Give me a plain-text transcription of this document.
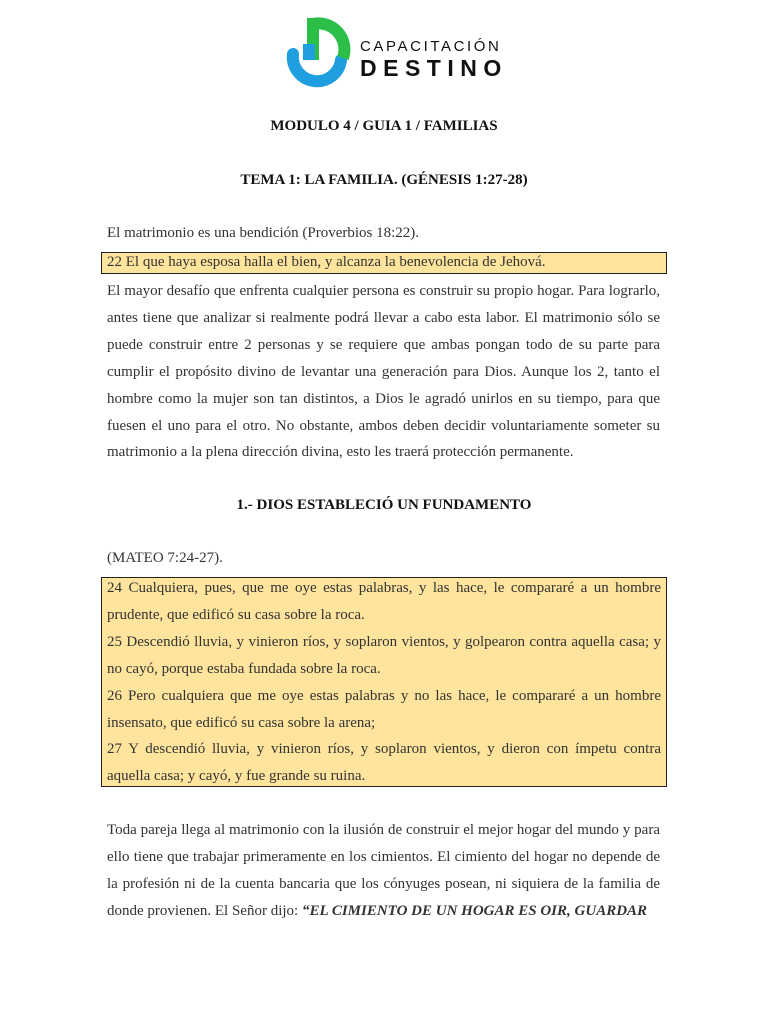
CAPACITACIÓN
DESTINO

MODULO 4 / GUIA 1 / FAMILIAS

TEMA 1: LA FAMILIA. (GÉNESIS 1:27-28)

El matrimonio es una bendición (Proverbios 18:22).

22 El que haya esposa halla el bien, y alcanza la benevolencia de Jehová.

El mayor desafío que enfrenta cualquier persona es construir su propio hogar. Para lograrlo, antes tiene que analizar si realmente podrá llevar a cabo esta labor. El matrimonio sólo se puede construir entre 2 personas y se requiere que ambas pongan todo de su parte para cumplir el propósito divino de levantar una generación para Dios. Aunque los 2, tanto el hombre como la mujer son tan distintos, a Dios le agradó unirlos en su tiempo, para que fuesen el uno para el otro. No obstante, ambos deben decidir voluntariamente someter su matrimonio a la plena dirección divina, esto les traerá protección permanente.

1.- DIOS ESTABLECIÓ UN FUNDAMENTO

(MATEO 7:24-27).

24 Cualquiera, pues, que me oye estas palabras, y las hace, le compararé a un hombre prudente, que edificó su casa sobre la roca.

25 Descendió lluvia, y vinieron ríos, y soplaron vientos, y golpearon contra aquella casa; y no cayó, porque estaba fundada sobre la roca.

26 Pero cualquiera que me oye estas palabras y no las hace, le compararé a un hombre insensato, que edificó su casa sobre la arena;

27 Y descendió lluvia, y vinieron ríos, y soplaron vientos, y dieron con ímpetu contra aquella casa; y cayó, y fue grande su ruina.

Toda pareja llega al matrimonio con la ilusión de construir el mejor hogar del mundo y para ello tiene que trabajar primeramente en los cimientos. El cimiento del hogar no depende de la profesión ni de la cuenta bancaria que los cónyuges posean, ni siquiera de la familia de donde provienen. El Señor dijo: “EL CIMIENTO DE UN HOGAR ES OIR, GUARDAR
